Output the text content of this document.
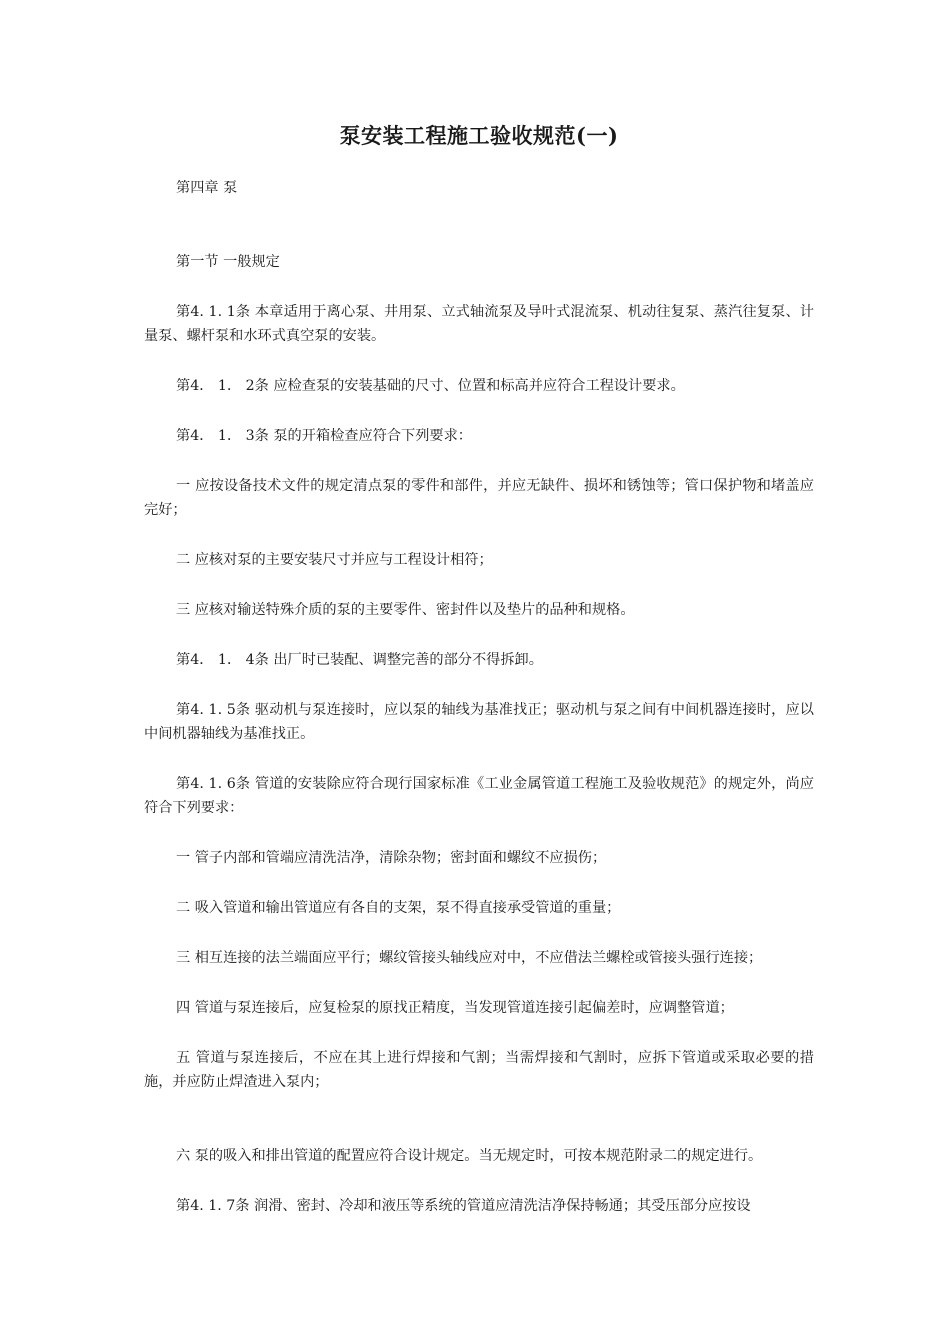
泵安装工程施工验收规范(一)

第四章 泵

第一节 一般规定

第4. 1. 1条 本章适用于离心泵、井用泵、立式轴流泵及导叶式混流泵、机动往复泵、蒸汽往复泵、计量泵、螺杆泵和水环式真空泵的安装。

第4． 1． 2条 应检查泵的安装基础的尺寸、位置和标高并应符合工程设计要求。

第4． 1． 3条 泵的开箱检查应符合下列要求：

一 应按设备技术文件的规定清点泵的零件和部件，并应无缺件、损坏和锈蚀等；管口保护物和堵盖应完好；

二 应核对泵的主要安装尺寸并应与工程设计相符；

三 应核对输送特殊介质的泵的主要零件、密封件以及垫片的品种和规格。

第4． 1． 4条 出厂时已装配、调整完善的部分不得拆卸。

第4. 1. 5条 驱动机与泵连接时，应以泵的轴线为基准找正；驱动机与泵之间有中间机器连接时，应以中间机器轴线为基准找正。

第4. 1. 6条 管道的安装除应符合现行国家标准《工业金属管道工程施工及验收规范》的规定外，尚应符合下列要求：

一 管子内部和管端应清洗洁净，清除杂物；密封面和螺纹不应损伤；

二 吸入管道和输出管道应有各自的支架，泵不得直接承受管道的重量；

三 相互连接的法兰端面应平行；螺纹管接头轴线应对中，不应借法兰螺栓或管接头强行连接；

四 管道与泵连接后，应复检泵的原找正精度，当发现管道连接引起偏差时，应调整管道；

五 管道与泵连接后，不应在其上进行焊接和气割；当需焊接和气割时，应拆下管道或采取必要的措施，并应防止焊渣进入泵内；

六 泵的吸入和排出管道的配置应符合设计规定。当无规定时，可按本规范附录二的规定进行。

第4. 1. 7条 润滑、密封、冷却和液压等系统的管道应清洗洁净保持畅通；其受压部分应按设
